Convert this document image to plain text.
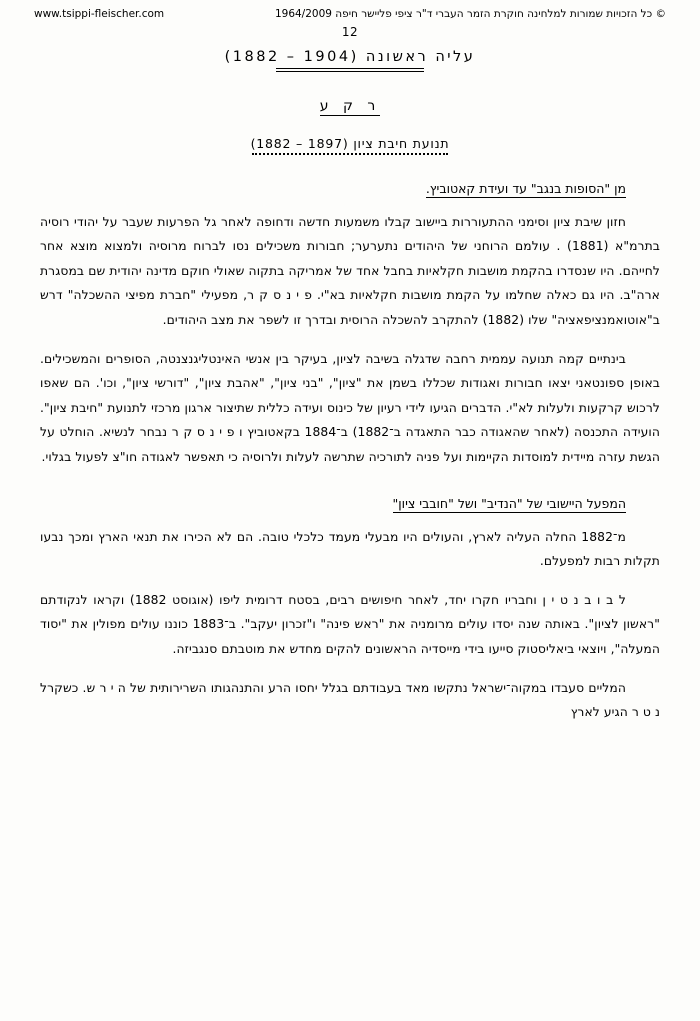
© כל הזכויות שמורות למלחינה חוקרת הזמר העברי ד"ר ציפי פליישר חיפה 1964/2009
www.tsippi-fleischer.com
12
עליה ראשונה (1904 – 1882)
ר ק ע
תנועת חיבת ציון (1897 – 1882)
מן "הסופות בנגב" עד ועידת קאטוביץ.
חזון שיבת ציון וסימני ההתעוררות ביישוב קבלו משמעות חדשה ודחופה לאחר גל הפרעות שעבר על יהודי רוסיה בתרמ"א (1881) . עולמם הרוחני של היהודים נתערער; חבורות משכילים נסו לברוח מרוסיה ולמצוא מוצא אחר לחייהם. היו שנסדרו בהקמת מושבות חקלאיות בחבל אחד של אמריקה בתקוה שאולי חוקם מדינה יהודית שם במסגרת ארה"ב. היו גם כאלה שחלמו על הקמת מושבות חקלאיות בא"י. פ י נ ס ק ר, מפעילי "חברת מפיצי ההשכלה" דרש ב"אוטואמנציפאציה" שלו (1882) להתקרב להשכלה הרוסית ובדרך זו לשפר את מצב היהודים.
בינתיים קמה תנועה עממית רחבה שדגלה בשיבה לציון, בעיקר בין אנשי האינטליגנצנטה, הסופרים והמשכילים. באופן ספונטאני יצאו חבורות ואגודות שכללו בשמן את "ציון", "בני ציון", "אהבת ציון", "דורשי ציון", וכו'. הם שאפו לרכוש קרקעות ולעלות לא"י. הדברים הגיעו לידי רעיון של כינוס ועידה כללית שתיצור ארגון מרכזי לתנועת "חיבת ציון". הועידה התכנסה (לאחר שהאגודה כבר התאגדה ב־1882) ב־1884 בקאטוביץ ו פ י נ ס ק ר נבחר לנשיא. הוחלט על הגשת עזרה מיידית למוסדות הקיימות ועל פניה לתורכיה שתרשה לעלות ולרוסיה כי תאפשר לאגודה חו"צ לפעול בגלוי.
המפעל היישובי של "הנדיב" ושל "חובבי ציון"
מ־1882 החלה העליה לארץ, והעולים היו מבעלי מעמד כלכלי טובה. הם לא הכירו את תנאי הארץ ומכך נבעו תקלות רבות למפעלם.
ל ב ו ב נ ט י ן וחבריו חקרו יחד, לאחר חיפושים רבים, בסטח דרומית ליפו (אוגוסט 1882) וקראו לנקודתם "ראשון לציון". באותה שנה יסדו עולים מרומניה את "ראש פינה" ו"זכרון יעקב". ב־1883 כוננו עולים מפולין את "יסוד המעלה", ויוצאי ביאליסטוק סייעו בידי מייסדיה הראשונים להקים מחדש את מוטבתם סנגביזה.
המליים סעבדו במקוה־ישראל נתקשו מאד בעבודתם בגלל יחסו הרע והתנהגותו השרירותית של ה י ר ש. כשקרל נ ט ר הגיע לארץ
